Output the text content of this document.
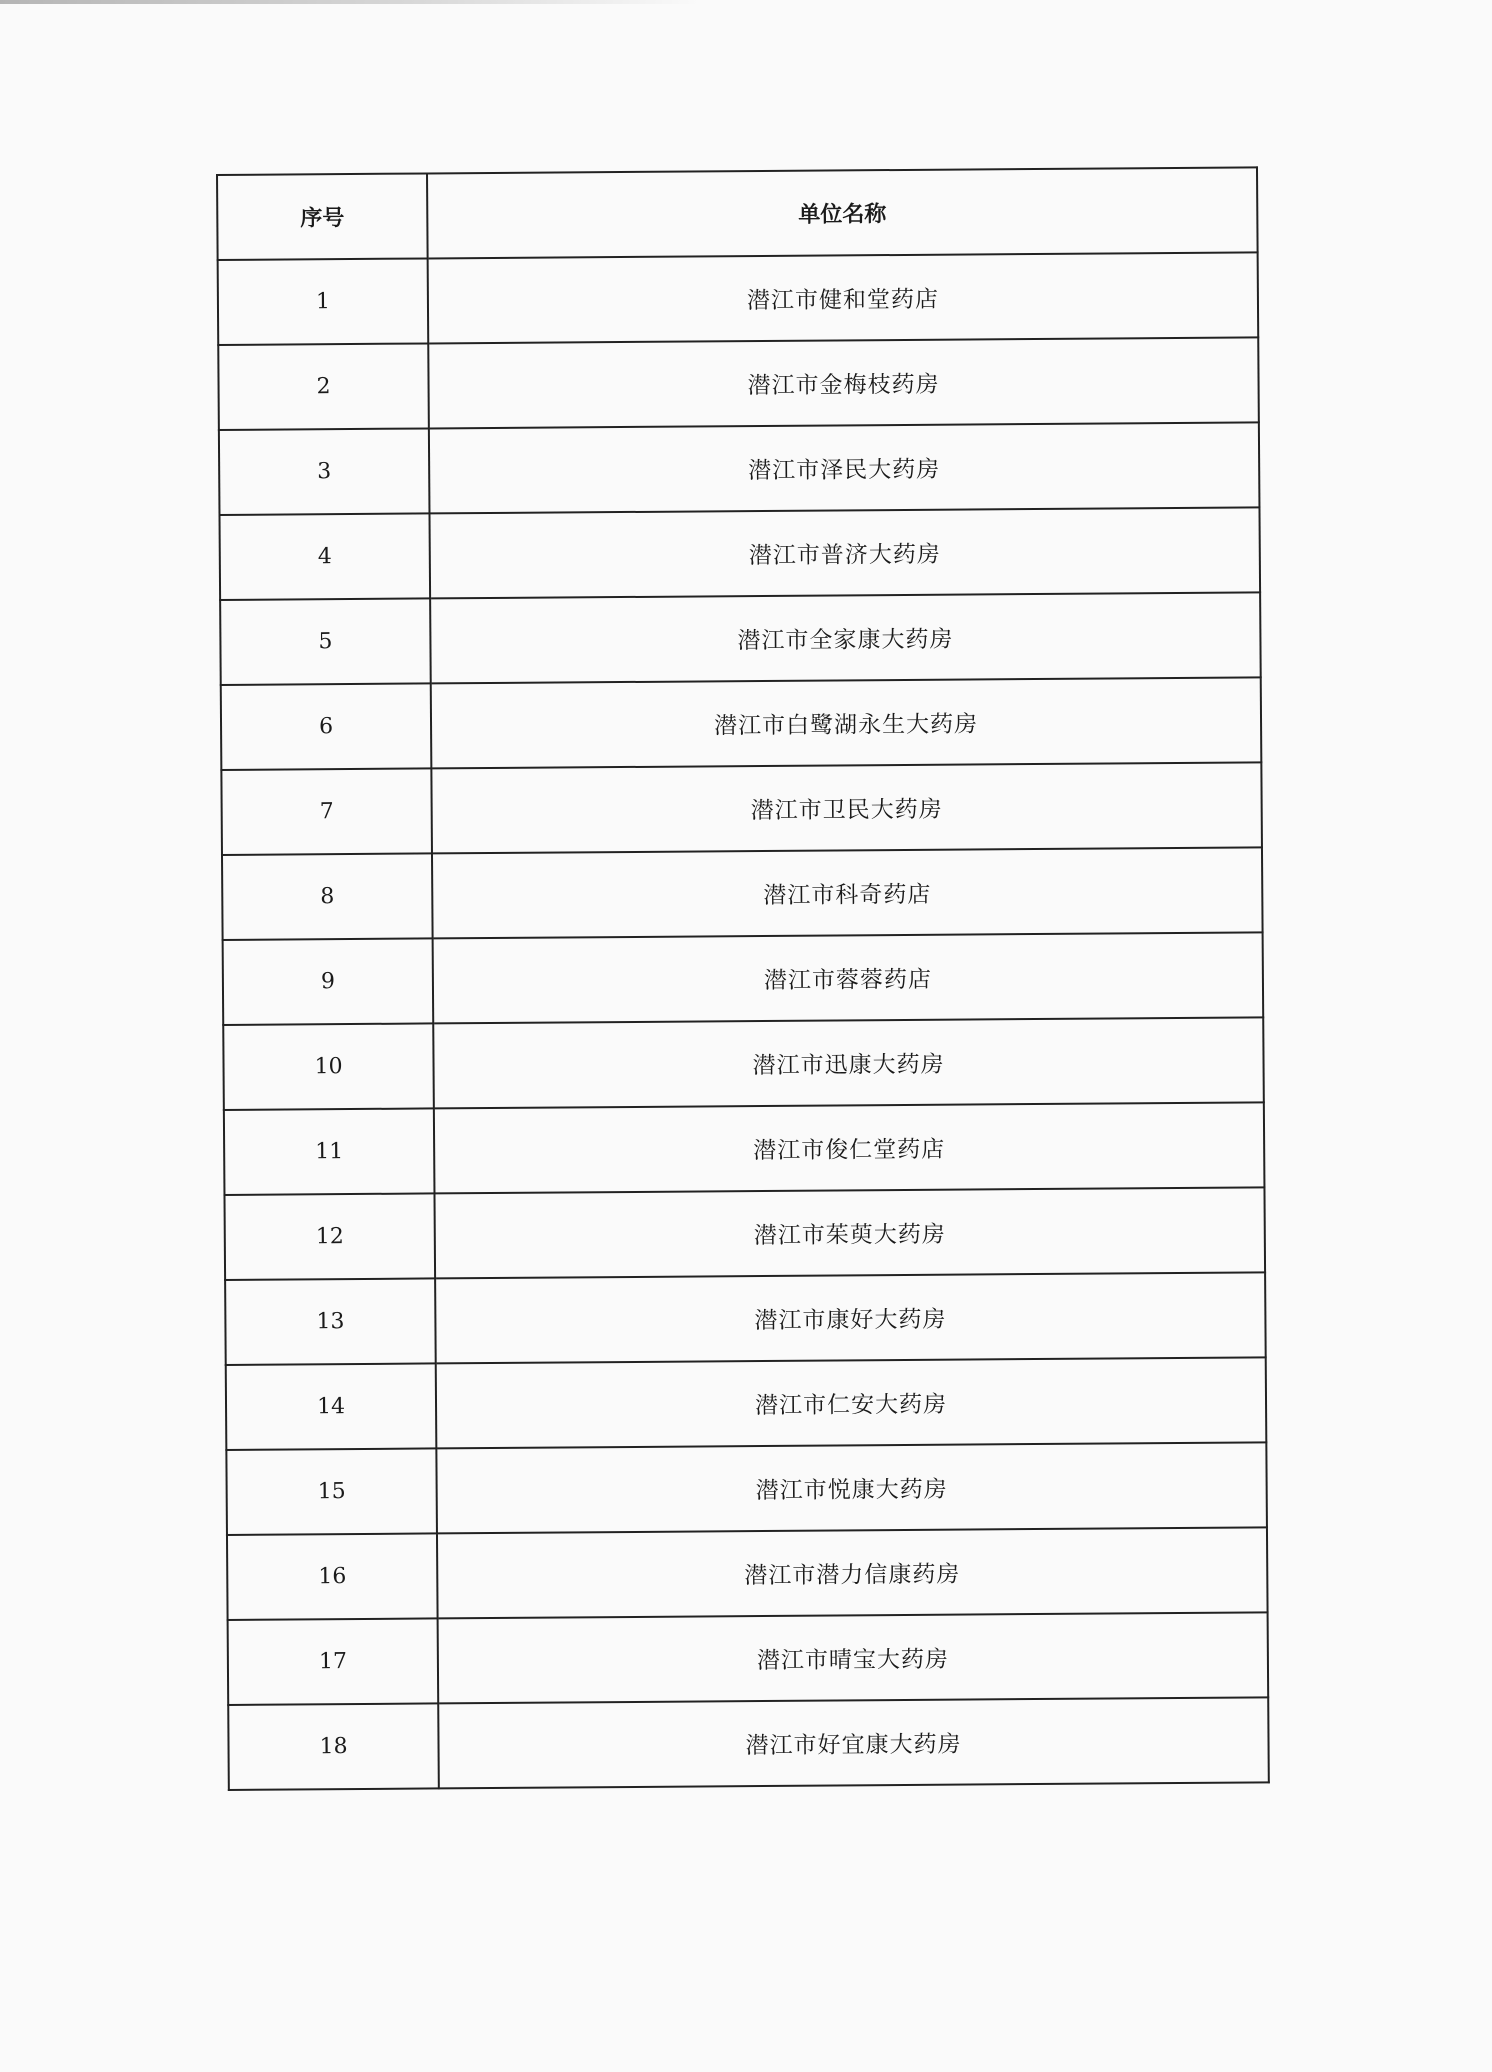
序号	单位名称
1	潜江市健和堂药店
2	潜江市金梅枝药房
3	潜江市泽民大药房
4	潜江市普济大药房
5	潜江市全家康大药房
6	潜江市白鹭湖永生大药房
7	潜江市卫民大药房
8	潜江市科奇药店
9	潜江市蓉蓉药店
10	潜江市迅康大药房
11	潜江市俊仁堂药店
12	潜江市茱萸大药房
13	潜江市康好大药房
14	潜江市仁安大药房
15	潜江市悦康大药房
16	潜江市潜力信康药房
17	潜江市晴宝大药房
18	潜江市好宜康大药房
